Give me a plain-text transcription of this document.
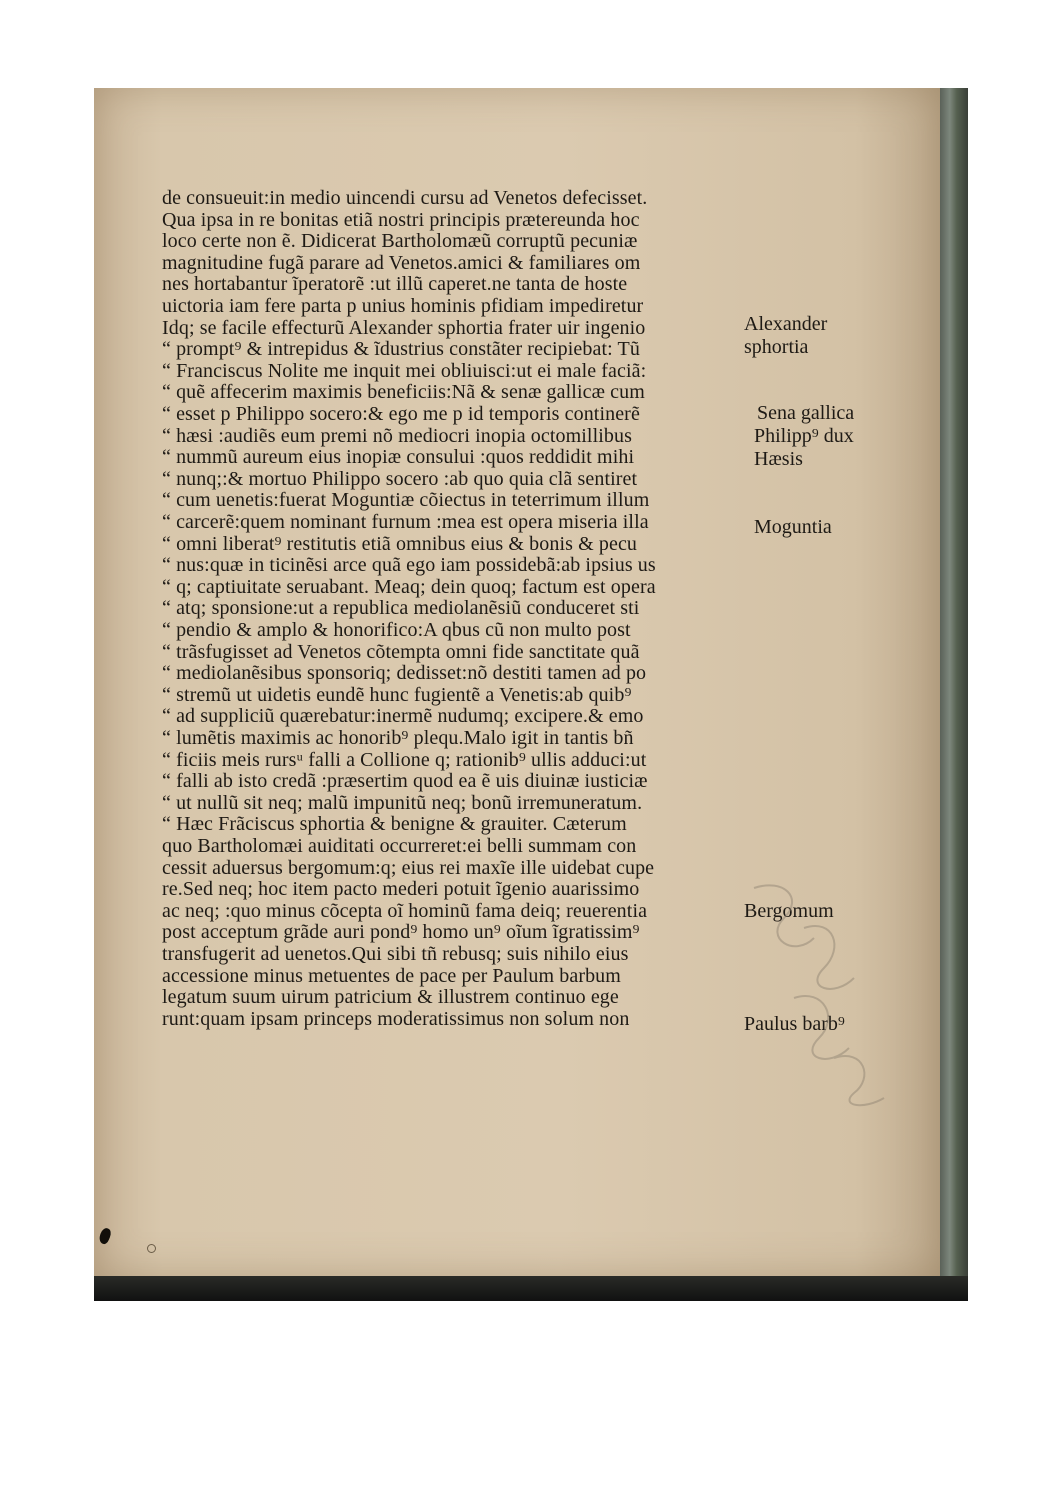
de consueuit:in medio uincendi cursu ad Venetos defecisset.
Qua ipsa in re bonitas etiã nostri principis prætereunda hoc
loco certe non ẽ. Didicerat Bartholomæũ corruptũ pecuniæ
magnitudine fugã parare ad Venetos.amici & familiares om
nes hortabantur ĩperatorẽ :ut illũ caperet.ne tanta de hoste
uictoria iam fere parta p unius hominis pfidiam impediretur
Idq; se facile effecturũ Alexander sphortia frater uir ingenio
“ prompt⁹ & intrepidus & ĩdustrius constãter recipiebat: Tũ
“ Franciscus Nolite me inquit mei obliuisci:ut ei male faciã:
“ quẽ affecerim maximis beneficiis:Nã & senæ gallicæ cum
“ esset p Philippo socero:& ego me p id temporis continerẽ
“ hæsi :audiẽs eum premi nõ mediocri inopia octomillibus
“ nummũ aureum eius inopiæ consului :quos reddidit mihi
“ nunq;:& mortuo Philippo socero :ab quo quia clã sentiret
“ cum uenetis:fuerat Moguntiæ cõiectus in teterrimum illum
“ carcerẽ:quem nominant furnum :mea est opera miseria illa
“ omni liberat⁹ restitutis etiã omnibus eius & bonis & pecu
“ nus:quæ in ticinẽsi arce quã ego iam possidebã:ab ipsius us
“ q; captiuitate seruabant. Meaq; dein quoq; factum est opera
“ atq; sponsione:ut a republica mediolanẽsiũ conduceret sti
“ pendio & amplo & honorifico:A qbus cũ non multo post
“ trãsfugisset ad Venetos cõtempta omni fide sanctitate quã
“ mediolanẽsibus sponsoriq; dedisset:nõ destiti tamen ad po
“ stremũ ut uidetis eundẽ hunc fugientẽ a Venetis:ab quib⁹
“ ad suppliciũ quærebatur:inermẽ nudumq; excipere.& emo
“ lumẽtis maximis ac honorib⁹ plequ.Malo igit in tantis bñ
“ ficiis meis rursᵘ falli a Collione q; rationib⁹ ullis adduci:ut
“ falli ab isto credã :præsertim quod ea ẽ uis diuinæ iusticiæ
“ ut nullũ sit neq; malũ impunitũ neq; bonũ irremuneratum.
“ Hæc Frãciscus sphortia & benigne & grauiter. Cæterum
quo Bartholomæi auiditati occurreret:ei belli summam con
cessit aduersus bergomum:q; eius rei maxĩe ille uidebat cupe
re.Sed neq; hoc item pacto mederi potuit ĩgenio auarissimo
ac neq; :quo minus cõcepta oĩ hominũ fama deiq; reuerentia
post acceptum grãde auri pond⁹ homo un⁹ oĩum ĩgratissim⁹
transfugerit ad uenetos.Qui sibi tñ rebusq; suis nihilo eius
accessione minus metuentes de pace per Paulum barbum
legatum suum uirum patricium & illustrem continuo ege
runt:quam ipsam princeps moderatissimus non solum non
Alexander
sphortia
Sena gallica
Philipp⁹ dux
Hæsis
Moguntia
Bergomum
Paulus barb⁹
